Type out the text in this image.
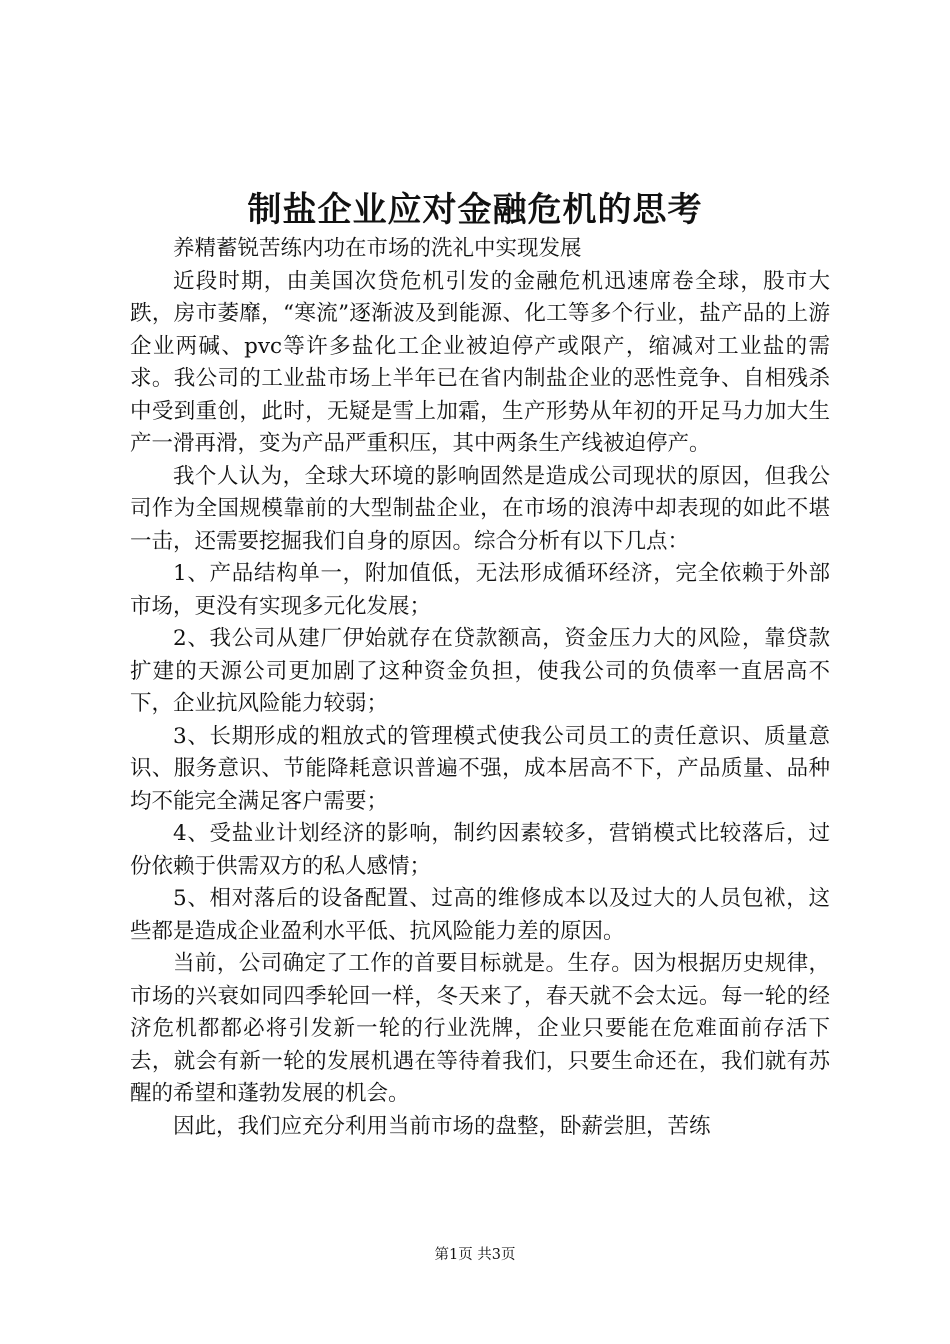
制盐企业应对金融危机的思考

养精蓄锐苦练内功在市场的洗礼中实现发展

近段时期，由美国次贷危机引发的金融危机迅速席卷全球，股市大跌，房市萎靡，“寒流”逐渐波及到能源、化工等多个行业，盐产品的上游企业两碱、pvc等许多盐化工企业被迫停产或限产，缩减对工业盐的需求。我公司的工业盐市场上半年已在省内制盐企业的恶性竞争、自相残杀中受到重创，此时，无疑是雪上加霜，生产形势从年初的开足马力加大生产一滑再滑，变为产品严重积压，其中两条生产线被迫停产。

我个人认为，全球大环境的影响固然是造成公司现状的原因，但我公司作为全国规模靠前的大型制盐企业，在市场的浪涛中却表现的如此不堪一击，还需要挖掘我们自身的原因。综合分析有以下几点：

1、产品结构单一，附加值低，无法形成循环经济，完全依赖于外部市场，更没有实现多元化发展；

2、我公司从建厂伊始就存在贷款额高，资金压力大的风险，靠贷款扩建的天源公司更加剧了这种资金负担，使我公司的负债率一直居高不下，企业抗风险能力较弱；

3、长期形成的粗放式的管理模式使我公司员工的责任意识、质量意识、服务意识、节能降耗意识普遍不强，成本居高不下，产品质量、品种均不能完全满足客户需要；

4、受盐业计划经济的影响，制约因素较多，营销模式比较落后，过份依赖于供需双方的私人感情；

5、相对落后的设备配置、过高的维修成本以及过大的人员包袱，这些都是造成企业盈利水平低、抗风险能力差的原因。

当前，公司确定了工作的首要目标就是。生存。因为根据历史规律，市场的兴衰如同四季轮回一样，冬天来了，春天就不会太远。每一轮的经济危机都都必将引发新一轮的行业洗牌，企业只要能在危难面前存活下去，就会有新一轮的发展机遇在等待着我们，只要生命还在，我们就有苏醒的希望和蓬勃发展的机会。

因此，我们应充分利用当前市场的盘整，卧薪尝胆，苦练

第1页 共3页
